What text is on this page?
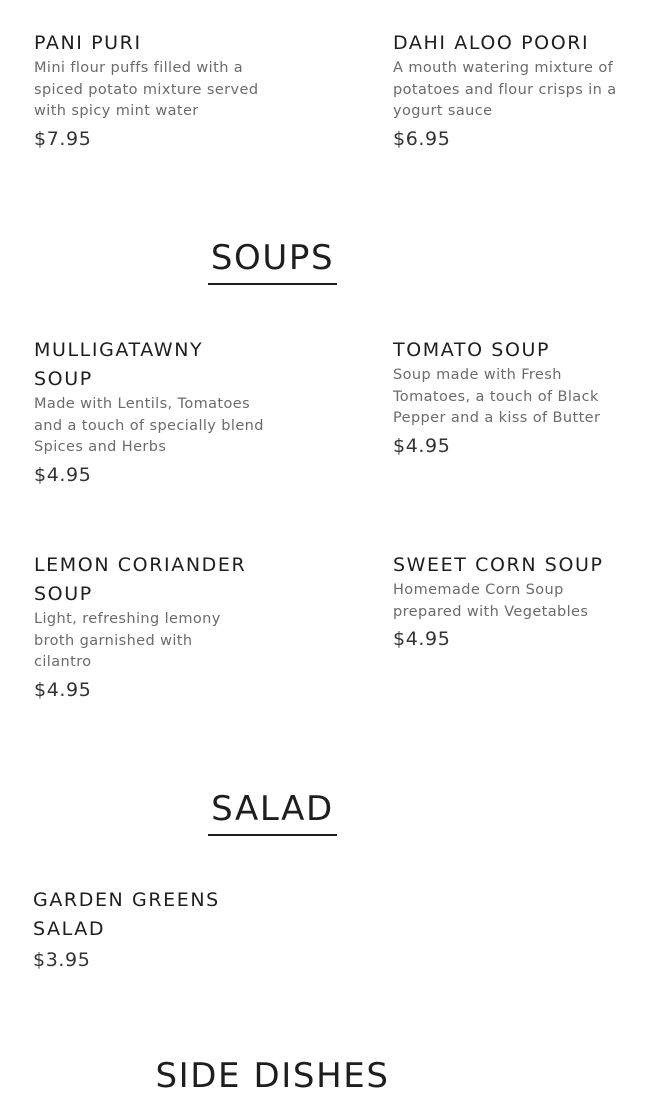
PANI PURI
Mini flour puffs filled with a spiced potato mixture served with spicy mint water
$7.95
DAHI ALOO POORI
A mouth watering mixture of potatoes and flour crisps in a yogurt sauce
$6.95
SOUPS
MULLIGATAWNY SOUP
Made with Lentils, Tomatoes and a touch of specially blend Spices and Herbs
$4.95
TOMATO SOUP
Soup made with Fresh Tomatoes, a touch of Black Pepper and a kiss of Butter
$4.95
LEMON CORIANDER SOUP
Light, refreshing lemony broth garnished with cilantro
$4.95
SWEET CORN SOUP
Homemade Corn Soup prepared with Vegetables
$4.95
SALAD
GARDEN GREENS SALAD
$3.95
SIDE DISHES
